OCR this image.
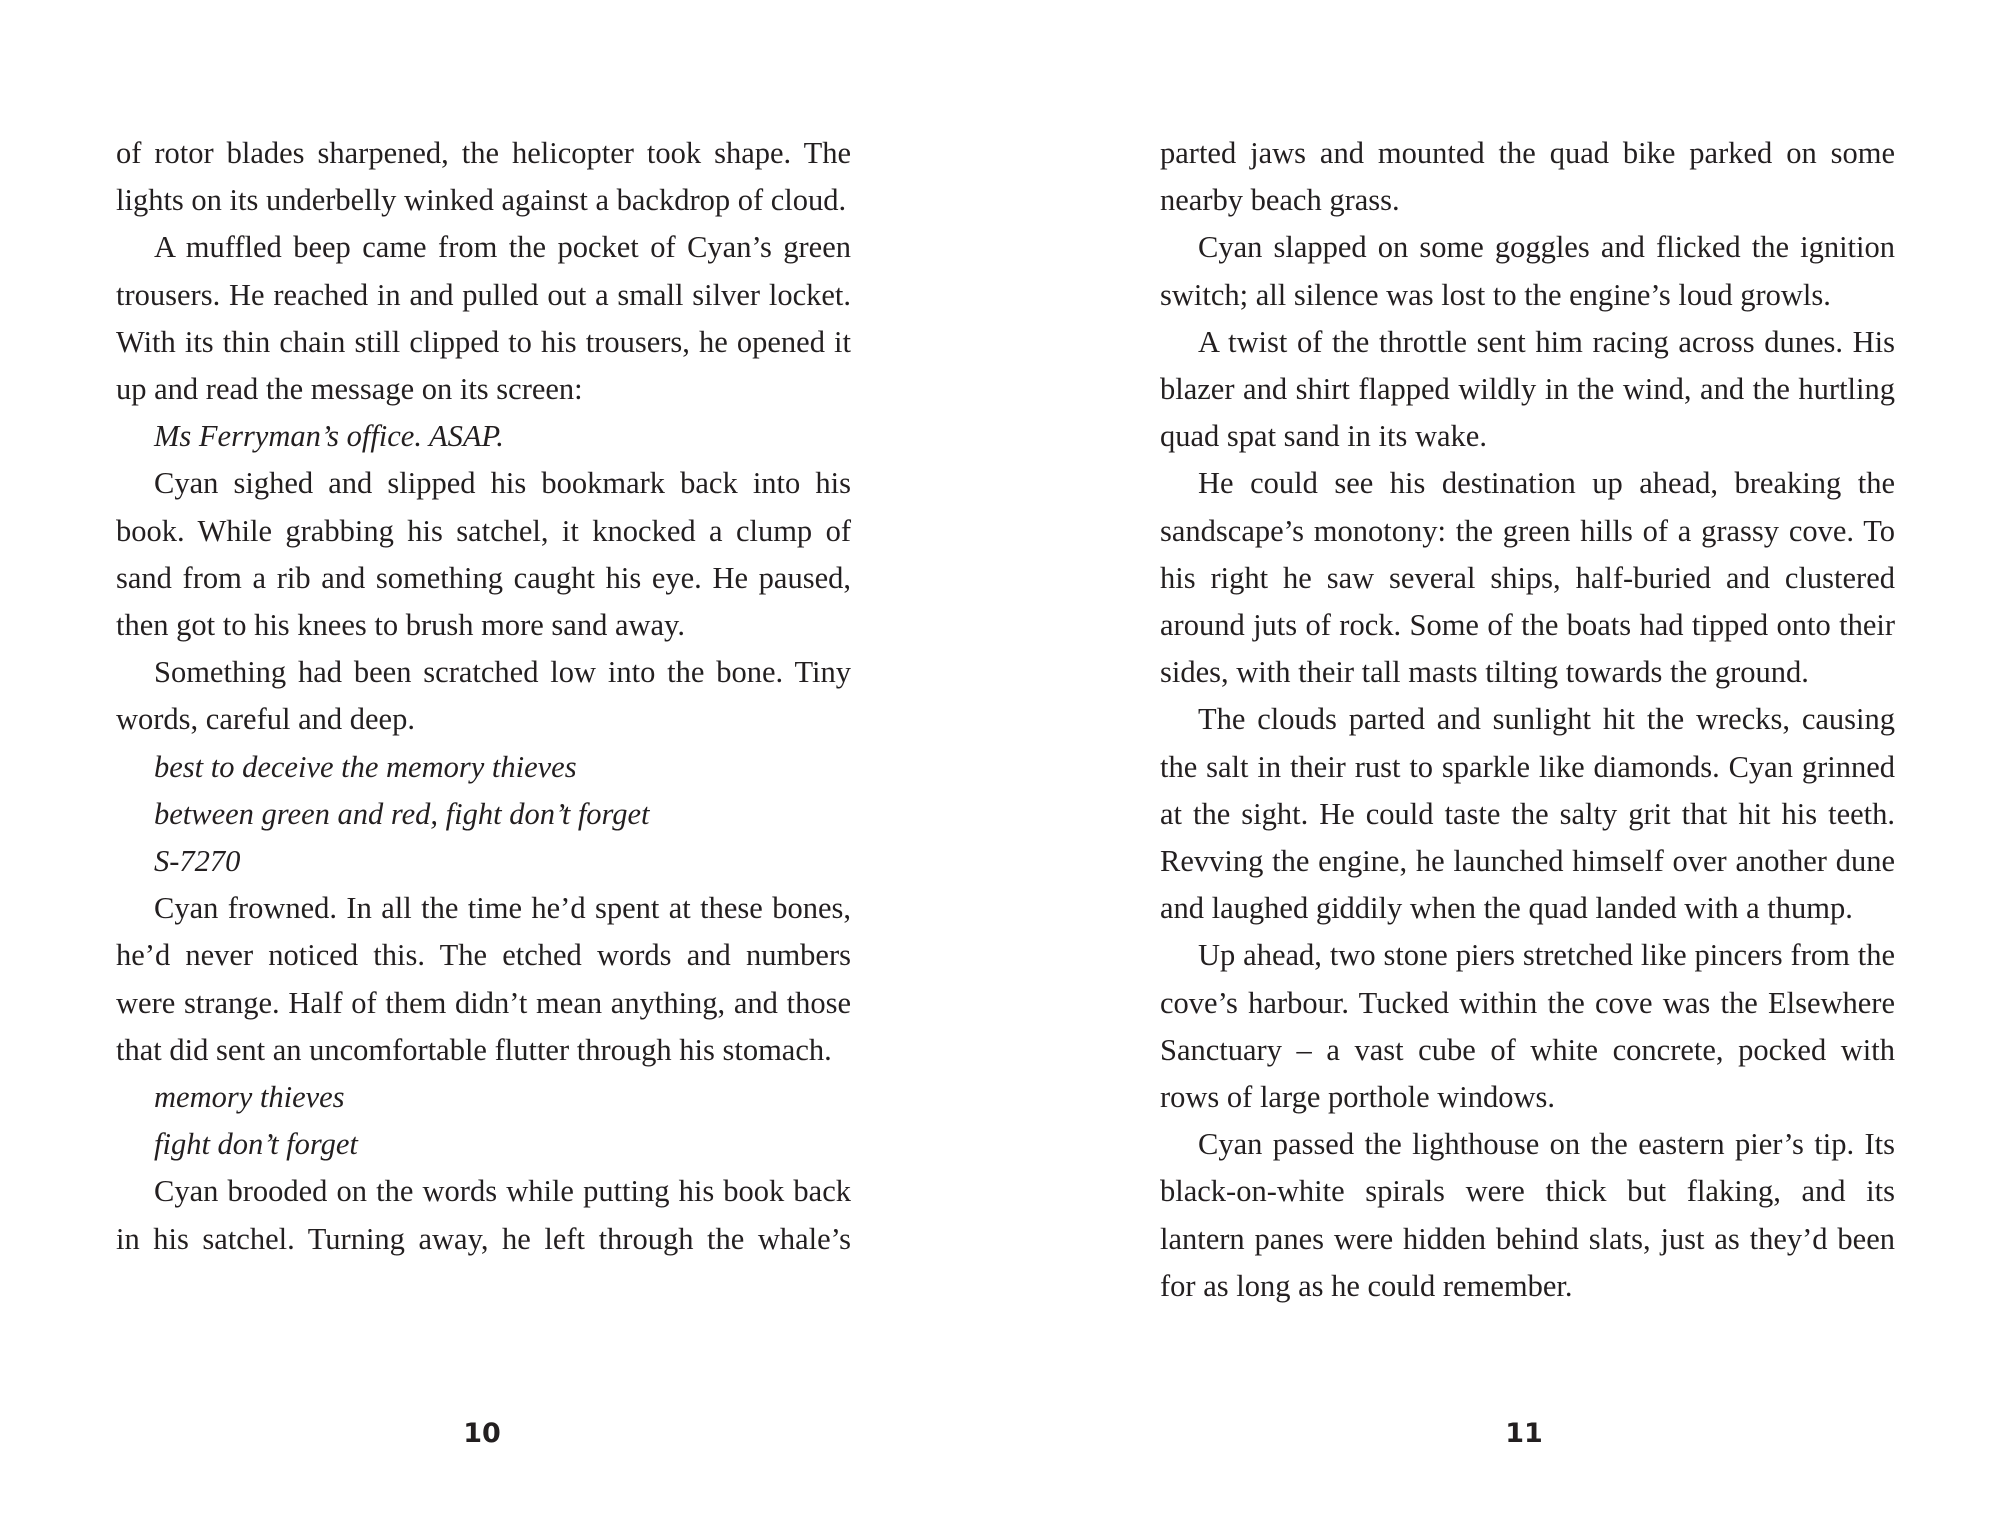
of rotor blades sharpened, the helicopter took shape. The lights on its underbelly winked against a backdrop of cloud.

A muffled beep came from the pocket of Cyan’s green trousers. He reached in and pulled out a small silver locket. With its thin chain still clipped to his trousers, he opened it up and read the message on its screen:

Ms Ferryman’s office. ASAP.

Cyan sighed and slipped his bookmark back into his book. While grabbing his satchel, it knocked a clump of sand from a rib and something caught his eye. He paused, then got to his knees to brush more sand away.

Something had been scratched low into the bone. Tiny words, careful and deep.

best to deceive the memory thieves

between green and red, fight don’t forget

S-7270

Cyan frowned. In all the time he’d spent at these bones, he’d never noticed this. The etched words and numbers were strange. Half of them didn’t mean anything, and those that did sent an uncomfortable flutter through his stomach.

memory thieves

fight don’t forget

Cyan brooded on the words while putting his book back in his satchel. Turning away, he left through the whale’s

10

parted jaws and mounted the quad bike parked on some nearby beach grass.

Cyan slapped on some goggles and flicked the ignition switch; all silence was lost to the engine’s loud growls.

A twist of the throttle sent him racing across dunes. His blazer and shirt flapped wildly in the wind, and the hurtling quad spat sand in its wake.

He could see his destination up ahead, breaking the sandscape’s monotony: the green hills of a grassy cove. To his right he saw several ships, half-buried and clustered around juts of rock. Some of the boats had tipped onto their sides, with their tall masts tilting towards the ground.

The clouds parted and sunlight hit the wrecks, causing the salt in their rust to sparkle like diamonds. Cyan grinned at the sight. He could taste the salty grit that hit his teeth. Revving the engine, he launched himself over another dune and laughed giddily when the quad landed with a thump.

Up ahead, two stone piers stretched like pincers from the cove’s harbour. Tucked within the cove was the Elsewhere Sanctuary – a vast cube of white concrete, pocked with rows of large porthole windows.

Cyan passed the lighthouse on the eastern pier’s tip. Its black-on-white spirals were thick but flaking, and its lantern panes were hidden behind slats, just as they’d been for as long as he could remember.

11
